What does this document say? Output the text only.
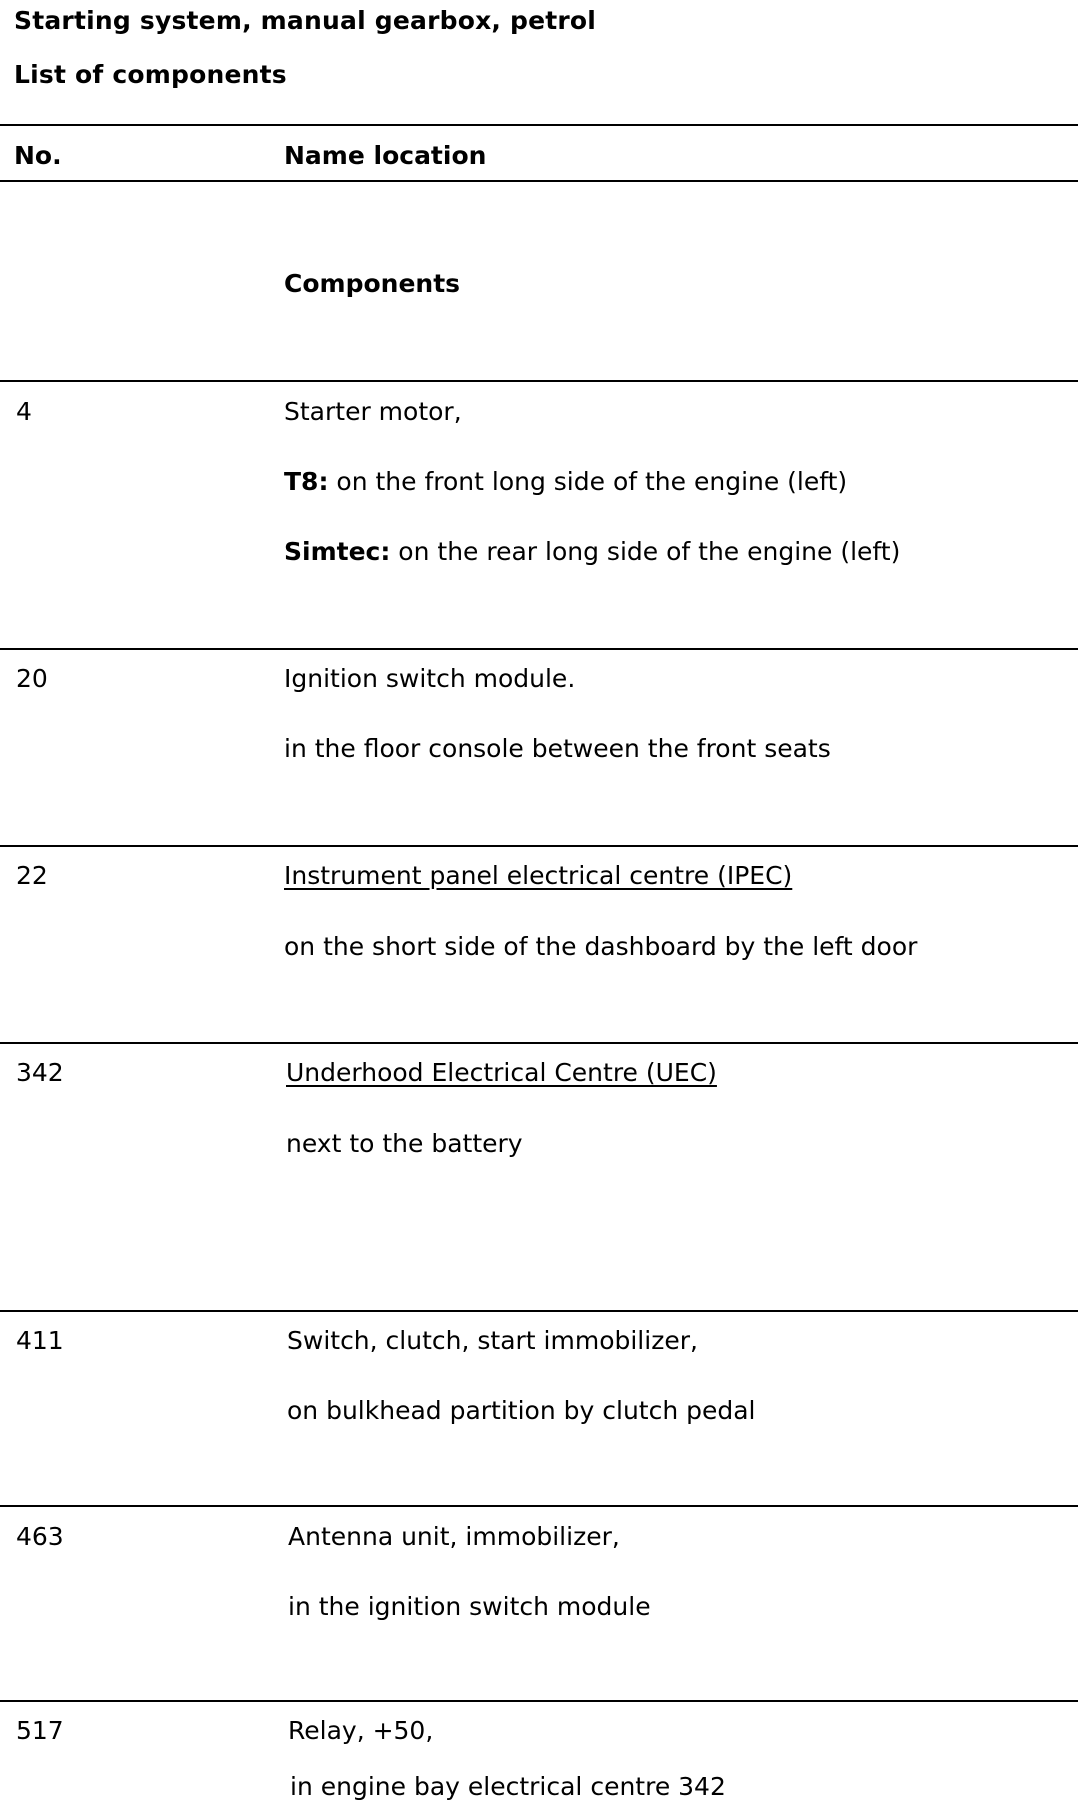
Starting system, manual gearbox, petrol
List of components
No.	Name location
Components
4	Starter motor,
T8: on the front long side of the engine (left)
Simtec: on the rear long side of the engine (left)
20	Ignition switch module.
in the floor console between the front seats
22	Instrument panel electrical centre (IPEC)
on the short side of the dashboard by the left door
342	Underhood Electrical Centre (UEC)
next to the battery
411	Switch, clutch, start immobilizer,
on bulkhead partition by clutch pedal
463	Antenna unit, immobilizer,
in the ignition switch module
517	Relay, +50,
in engine bay electrical centre 342
